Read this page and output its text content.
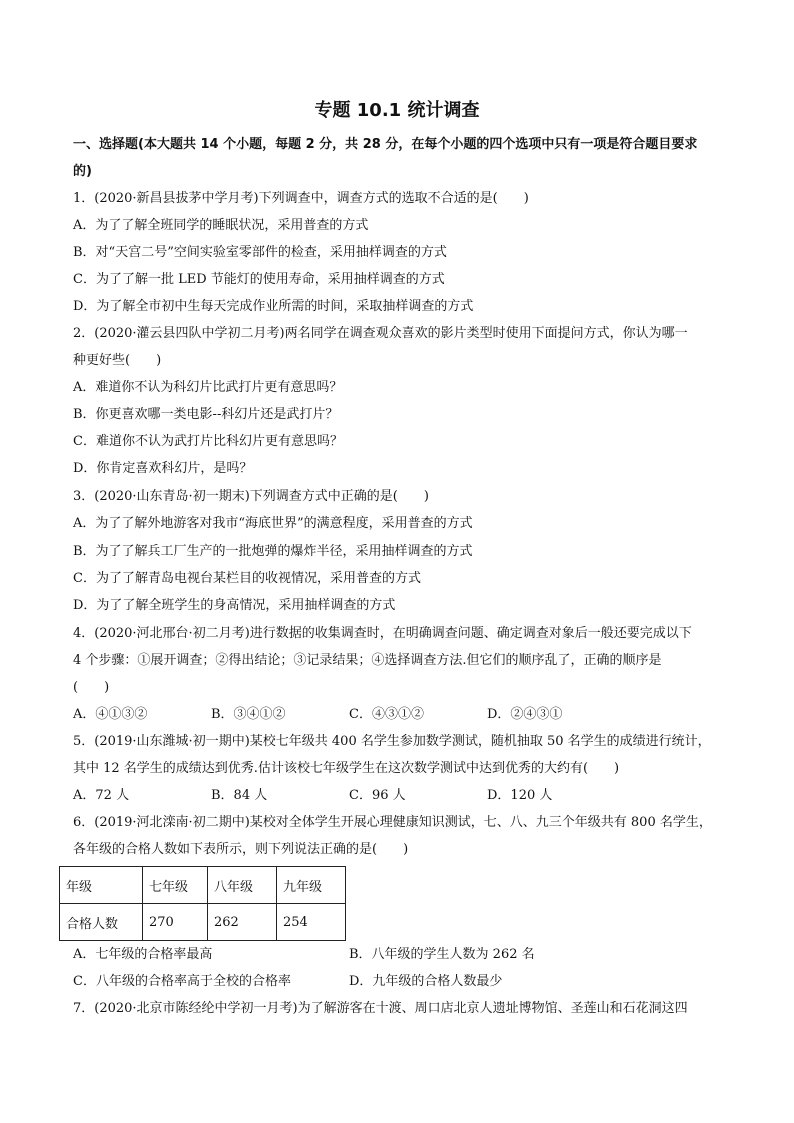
专题 10.1 统计调查
一、选择题(本大题共 14 个小题，每题 2 分，共 28 分，在每个小题的四个选项中只有一项是符合题目要求
的)
1．(2020·新昌县拔茅中学月考)下列调查中，调查方式的选取不合适的是(　　)
A．为了了解全班同学的睡眠状况，采用普查的方式
B．对“天宫二号”空间实验室零部件的检查，采用抽样调查的方式
C．为了了解一批 LED 节能灯的使用寿命，采用抽样调查的方式
D．为了解全市初中生每天完成作业所需的时间，采取抽样调查的方式
2．(2020·灌云县四队中学初二月考)两名同学在调查观众喜欢的影片类型时使用下面提问方式，你认为哪一
种更好些(　　)
A．难道你不认为科幻片比武打片更有意思吗？
B．你更喜欢哪一类电影--科幻片还是武打片？
C．难道你不认为武打片比科幻片更有意思吗？
D．你肯定喜欢科幻片，是吗？
3．(2020·山东青岛·初一期末)下列调查方式中正确的是(　　)
A．为了了解外地游客对我市“海底世界”的满意程度，采用普查的方式
B．为了了解兵工厂生产的一批炮弹的爆炸半径，采用抽样调查的方式
C．为了了解青岛电视台某栏目的收视情况，采用普查的方式
D．为了了解全班学生的身高情况，采用抽样调查的方式
4．(2020·河北邢台·初二月考)进行数据的收集调查时，在明确调查问题、确定调查对象后一般还要完成以下
4 个步骤：①展开调查；②得出结论；③记录结果；④选择调查方法.但它们的顺序乱了，正确的顺序是
(　　)
A．④①③②	B．③④①②	C．④③①②	D．②④③①
5．(2019·山东潍城·初一期中)某校七年级共 400 名学生参加数学测试，随机抽取 50 名学生的成绩进行统计，
其中 12 名学生的成绩达到优秀.估计该校七年级学生在这次数学测试中达到优秀的大约有(　　)
A．72 人	B．84 人	C．96 人	D．120 人
6．(2019·河北滦南·初二期中)某校对全体学生开展心理健康知识测试，七、八、九三个年级共有 800 名学生，
各年级的合格人数如下表所示，则下列说法正确的是(　　)
年级	七年级	八年级	九年级
合格人数	270	262	254
A．七年级的合格率最高	B．八年级的学生人数为 262 名
C．八年级的合格率高于全校的合格率	D．九年级的合格人数最少
7．(2020·北京市陈经纶中学初一月考)为了解游客在十渡、周口店北京人遗址博物馆、圣莲山和石花洞这四
